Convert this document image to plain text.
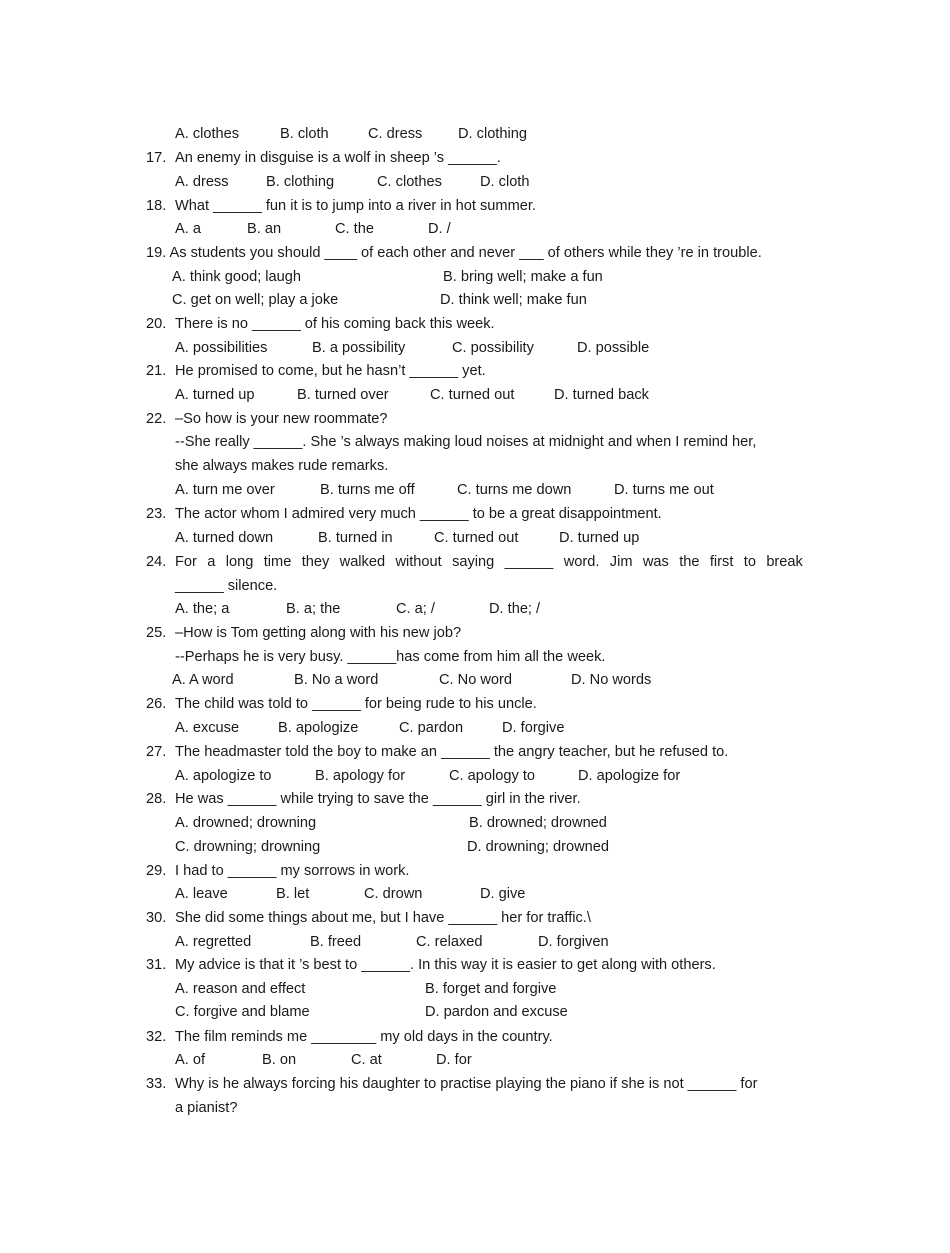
A. clothes	B. cloth	C. dress D. clothing
17. An enemy in disguise is a wolf in sheep ’s ______.
A. dress	B. clothing	C. clothes	D. cloth
18. What ______ fun it is to jump into a river in hot summer.
A. a	B. an	C. the	D. /
19. As students you should ____ of each other and never ___ of others while they ’re in trouble.
A. think good; laugh	B. bring well; make a fun
C. get on well; play a joke	D. think well; make fun
20. There is no ______ of his coming back this week.
A. possibilities	B. a possibility	C. possibility	D. possible
21. He promised to come, but he hasn’t ______ yet.
A. turned up	B. turned over	C. turned out	D. turned back
22. –So how is your new roommate?
--She really ______. She ’s always making loud noises at midnight and when I remind her,
she always makes rude remarks.
A. turn me over	B. turns me off	C. turns me down	D. turns me out
23. The actor whom I admired very much ______ to be a great disappointment.
A. turned down	B. turned in	C. turned out	D. turned up
24. For a long time they walked without saying ______ word. Jim was the first to break
______ silence.
A. the; a	B. a; the	C. a; /	D. the; /
25. –How is Tom getting along with his new job?
--Perhaps he is very busy. ______has come from him all the week.
A. A word	B. No a word	C. No word	D. No words
26. The child was told to ______ for being rude to his uncle.
A. excuse	B. apologize	C. pardon	D. forgive
27. The headmaster told the boy to make an ______ the angry teacher, but he refused to.
A. apologize to	B. apology for	C. apology to	D. apologize for
28. He was ______ while trying to save the ______ girl in the river.
A. drowned; drowning	B. drowned; drowned
C. drowning; drowning	D. drowning; drowned
29. I had to ______ my sorrows in work.
A. leave	B. let	C. drown	D. give
30. She did some things about me, but I have ______ her for traffic.\
A. regretted	B. freed	C. relaxed	D. forgiven
31. My advice is that it ’s best to ______. In this way it is easier to get along with others.
A. reason and effect	B. forget and forgive
C. forgive and blame	D. pardon and excuse
32. The film reminds me ________ my old days in the country.
A. of	B. on	C. at	D. for
33. Why is he always forcing his daughter to practise playing the piano if she is not ______ for
a pianist?
